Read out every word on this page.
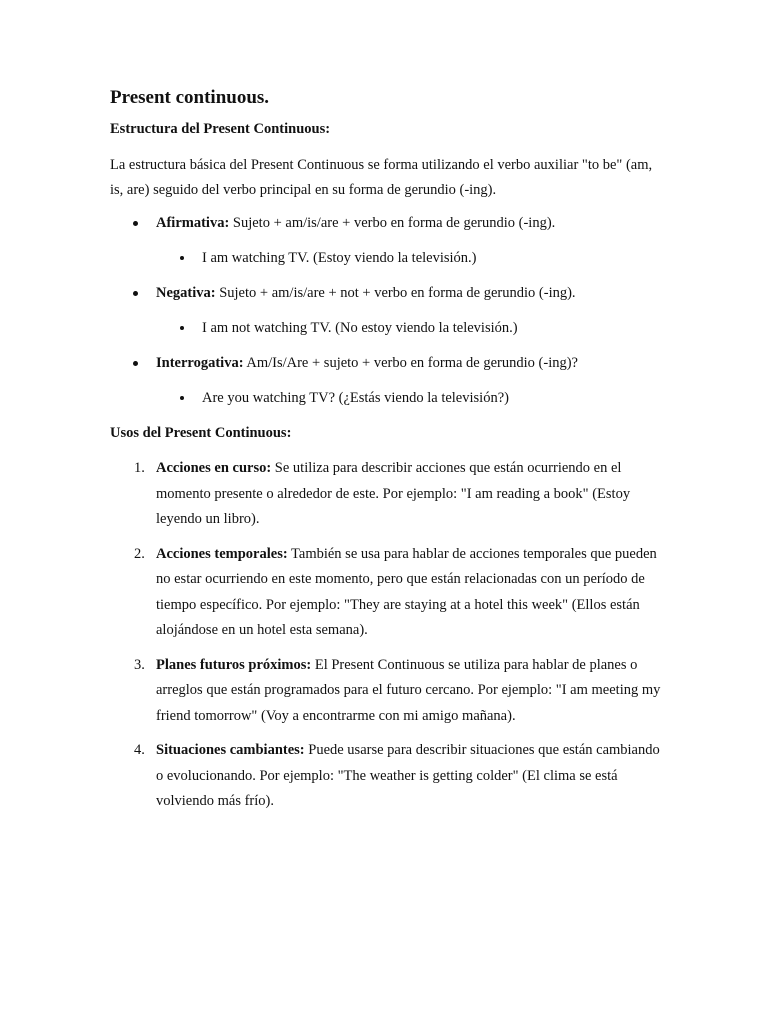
Present continuous.

Estructura del Present Continuous:

La estructura básica del Present Continuous se forma utilizando el verbo auxiliar "to be" (am, is, are) seguido del verbo principal en su forma de gerundio (-ing).

Afirmativa: Sujeto + am/is/are + verbo en forma de gerundio (-ing).
I am watching TV. (Estoy viendo la televisión.)
Negativa: Sujeto + am/is/are + not + verbo en forma de gerundio (-ing).
I am not watching TV. (No estoy viendo la televisión.)
Interrogativa: Am/Is/Are + sujeto + verbo en forma de gerundio (-ing)?
Are you watching TV? (¿Estás viendo la televisión?)

Usos del Present Continuous:

1. Acciones en curso: Se utiliza para describir acciones que están ocurriendo en el momento presente o alrededor de este. Por ejemplo: "I am reading a book" (Estoy leyendo un libro).
2. Acciones temporales: También se usa para hablar de acciones temporales que pueden no estar ocurriendo en este momento, pero que están relacionadas con un período de tiempo específico. Por ejemplo: "They are staying at a hotel this week" (Ellos están alojándose en un hotel esta semana).
3. Planes futuros próximos: El Present Continuous se utiliza para hablar de planes o arreglos que están programados para el futuro cercano. Por ejemplo: "I am meeting my friend tomorrow" (Voy a encontrarme con mi amigo mañana).
4. Situaciones cambiantes: Puede usarse para describir situaciones que están cambiando o evolucionando. Por ejemplo: "The weather is getting colder" (El clima se está volviendo más frío).
